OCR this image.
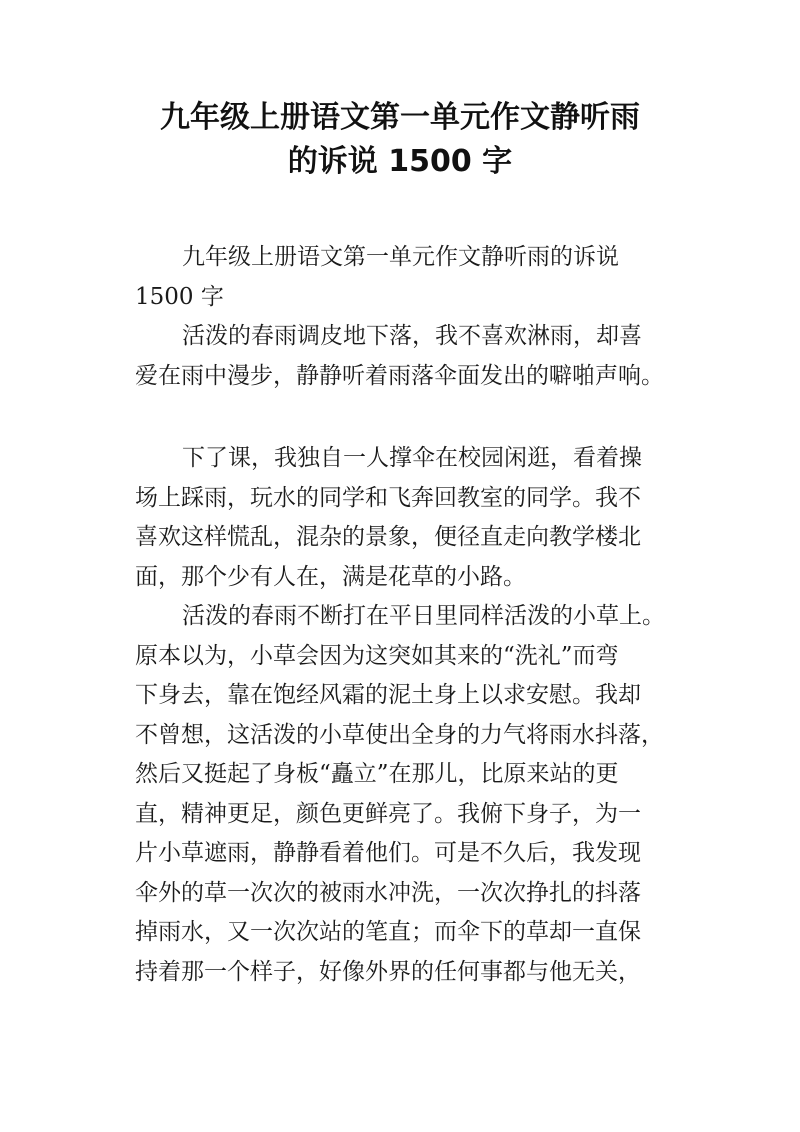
九年级上册语文第一单元作文静听雨
的诉说 1500 字
九年级上册语文第一单元作文静听雨的诉说
1500 字
活泼的春雨调皮地下落，我不喜欢淋雨，却喜
爱在雨中漫步，静静听着雨落伞面发出的噼啪声响。
下了课，我独自一人撑伞在校园闲逛，看着操
场上踩雨，玩水的同学和飞奔回教室的同学。我不
喜欢这样慌乱，混杂的景象，便径直走向教学楼北
面，那个少有人在，满是花草的小路。
活泼的春雨不断打在平日里同样活泼的小草上。
原本以为，小草会因为这突如其来的“洗礼”而弯
下身去，靠在饱经风霜的泥土身上以求安慰。我却
不曾想，这活泼的小草使出全身的力气将雨水抖落，
然后又挺起了身板“矗立”在那儿，比原来站的更
直，精神更足，颜色更鲜亮了。我俯下身子，为一
片小草遮雨，静静看着他们。可是不久后，我发现
伞外的草一次次的被雨水冲洗，一次次挣扎的抖落
掉雨水，又一次次站的笔直；而伞下的草却一直保
持着那一个样子，好像外界的任何事都与他无关，
